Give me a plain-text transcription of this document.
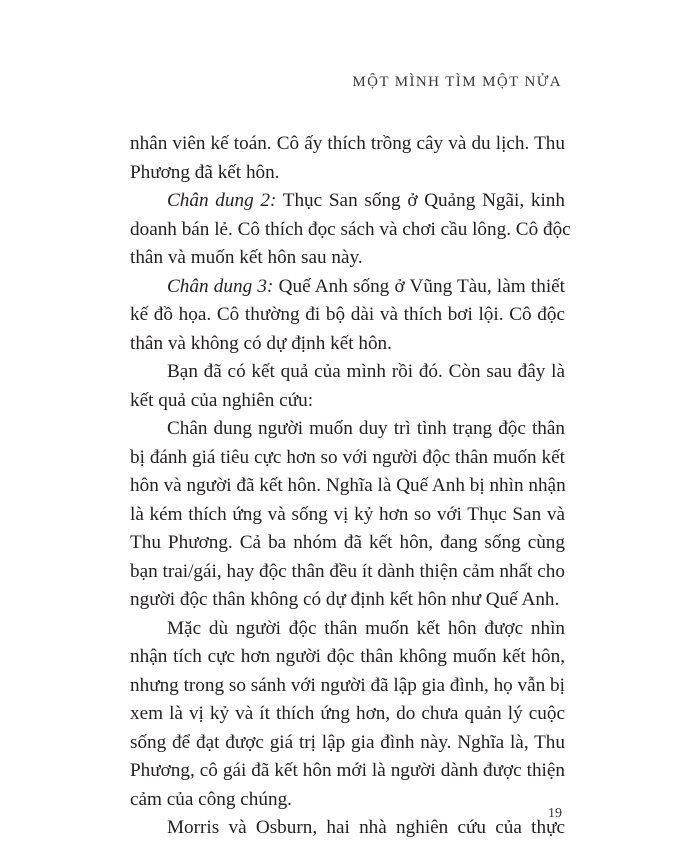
MỘT MÌNH TÌM MỘT NỬA
nhân viên kế toán. Cô ấy thích trồng cây và du lịch. Thu
Phương đã kết hôn.
Chân dung 2: Thục San sống ở Quảng Ngãi, kinh
doanh bán lẻ. Cô thích đọc sách và chơi cầu lông. Cô độc
thân và muốn kết hôn sau này.
Chân dung 3: Quế Anh sống ở Vũng Tàu, làm thiết
kế đồ họa. Cô thường đi bộ dài và thích bơi lội. Cô độc
thân và không có dự định kết hôn.
Bạn đã có kết quả của mình rồi đó. Còn sau đây là
kết quả của nghiên cứu:
Chân dung người muốn duy trì tình trạng độc thân
bị đánh giá tiêu cực hơn so với người độc thân muốn kết
hôn và người đã kết hôn. Nghĩa là Quế Anh bị nhìn nhận
là kém thích ứng và sống vị kỷ hơn so với Thục San và
Thu Phương. Cả ba nhóm đã kết hôn, đang sống cùng
bạn trai/gái, hay độc thân đều ít dành thiện cảm nhất cho
người độc thân không có dự định kết hôn như Quế Anh.
Mặc dù người độc thân muốn kết hôn được nhìn
nhận tích cực hơn người độc thân không muốn kết hôn,
nhưng trong so sánh với người đã lập gia đình, họ vẫn bị
xem là vị kỷ và ít thích ứng hơn, do chưa quản lý cuộc
sống để đạt được giá trị lập gia đình này. Nghĩa là, Thu
Phương, cô gái đã kết hôn mới là người dành được thiện
cảm của công chúng.
Morris và Osburn, hai nhà nghiên cứu của thực
19
